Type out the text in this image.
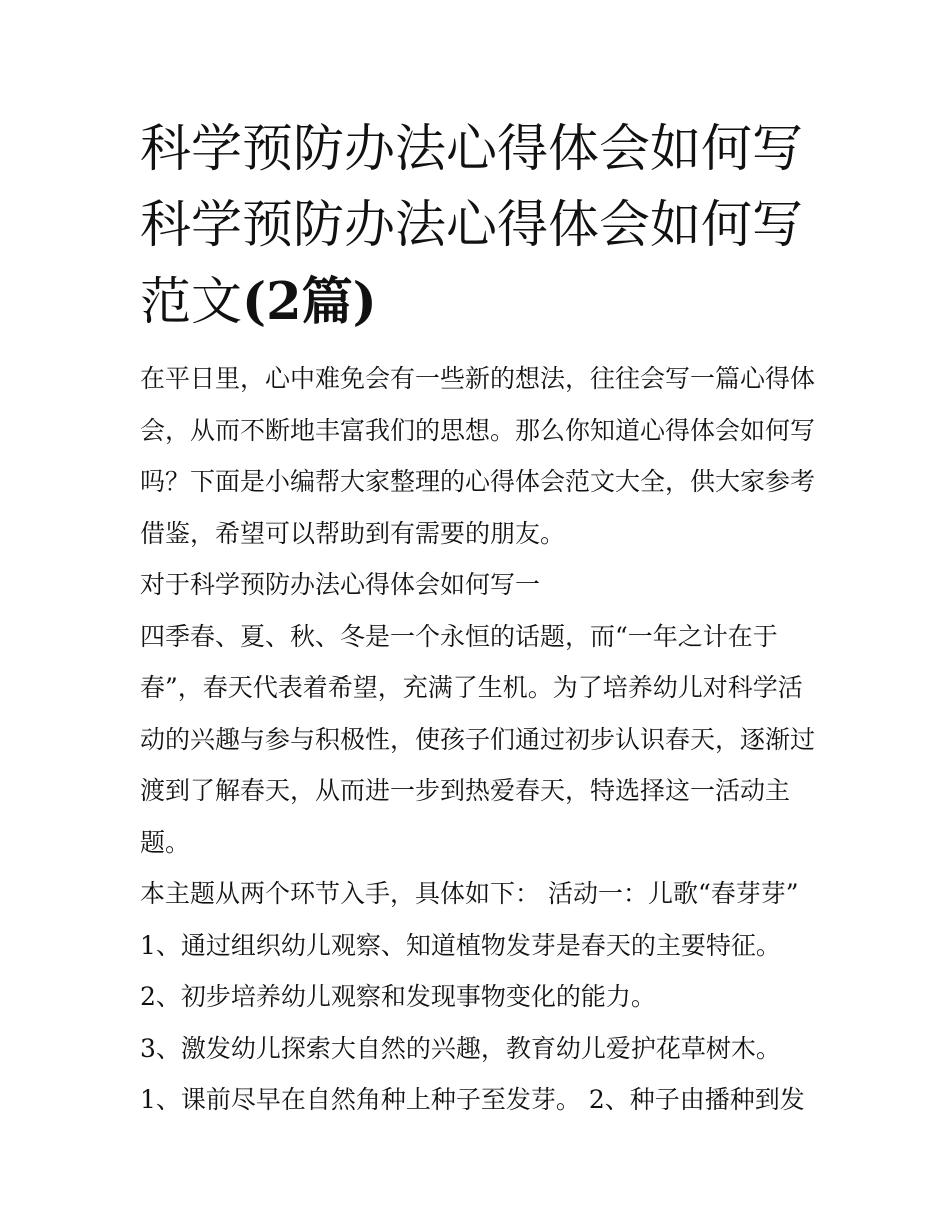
科学预防办法心得体会如何写
科学预防办法心得体会如何写
范文(2篇)

在平日里，心中难免会有一些新的想法，往往会写一篇心得体

会，从而不断地丰富我们的思想。那么你知道心得体会如何写

吗？下面是小编帮大家整理的心得体会范文大全，供大家参考

借鉴，希望可以帮助到有需要的朋友。

对于科学预防办法心得体会如何写一

四季春、夏、秋、冬是一个永恒的话题，而“一年之计在于

春”，春天代表着希望，充满了生机。为了培养幼儿对科学活

动的兴趣与参与积极性，使孩子们通过初步认识春天，逐渐过

渡到了解春天，从而进一步到热爱春天，特选择这一活动主

题。

本主题从两个环节入手，具体如下： 活动一：儿歌“春芽芽”

1、通过组织幼儿观察、知道植物发芽是春天的主要特征。

2、初步培养幼儿观察和发现事物变化的能力。

3、激发幼儿探索大自然的兴趣，教育幼儿爱护花草树木。

1、课前尽早在自然角种上种子至发芽。 2、种子由播种到发
